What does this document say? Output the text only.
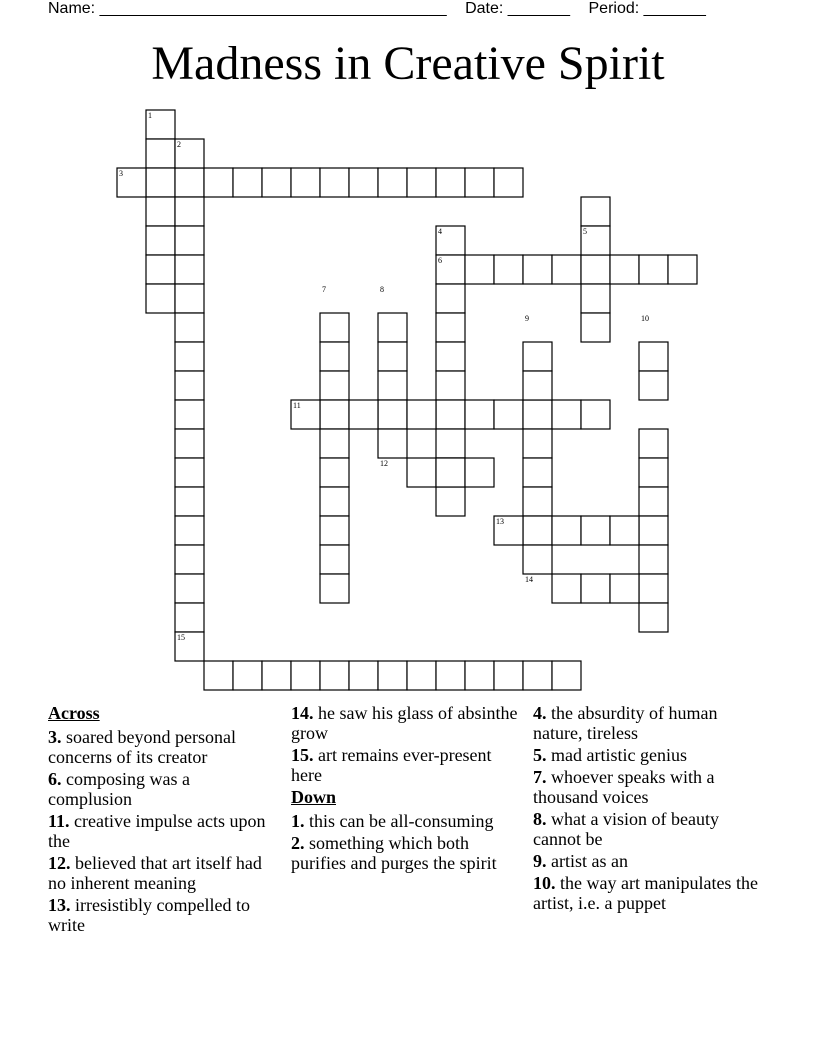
Name: _______________________________________ Date: _______ Period: _______
Madness in Creative Spirit
1
2
3
4	5
6
7	8
9	10
11
12
13
14
15
Across
3. soared beyond personal concerns of its creator
6. composing was a complusion
11. creative impulse acts upon the
12. believed that art itself had no inherent meaning
13. irresistibly compelled to write
14. he saw his glass of absinthe grow
15. art remains ever-present here
Down
1. this can be all-consuming
2. something which both purifies and purges the spirit
4. the absurdity of human nature, tireless
5. mad artistic genius
7. whoever speaks with a thousand voices
8. what a vision of beauty cannot be
9. artist as an
10. the way art manipulates the artist, i.e. a puppet
